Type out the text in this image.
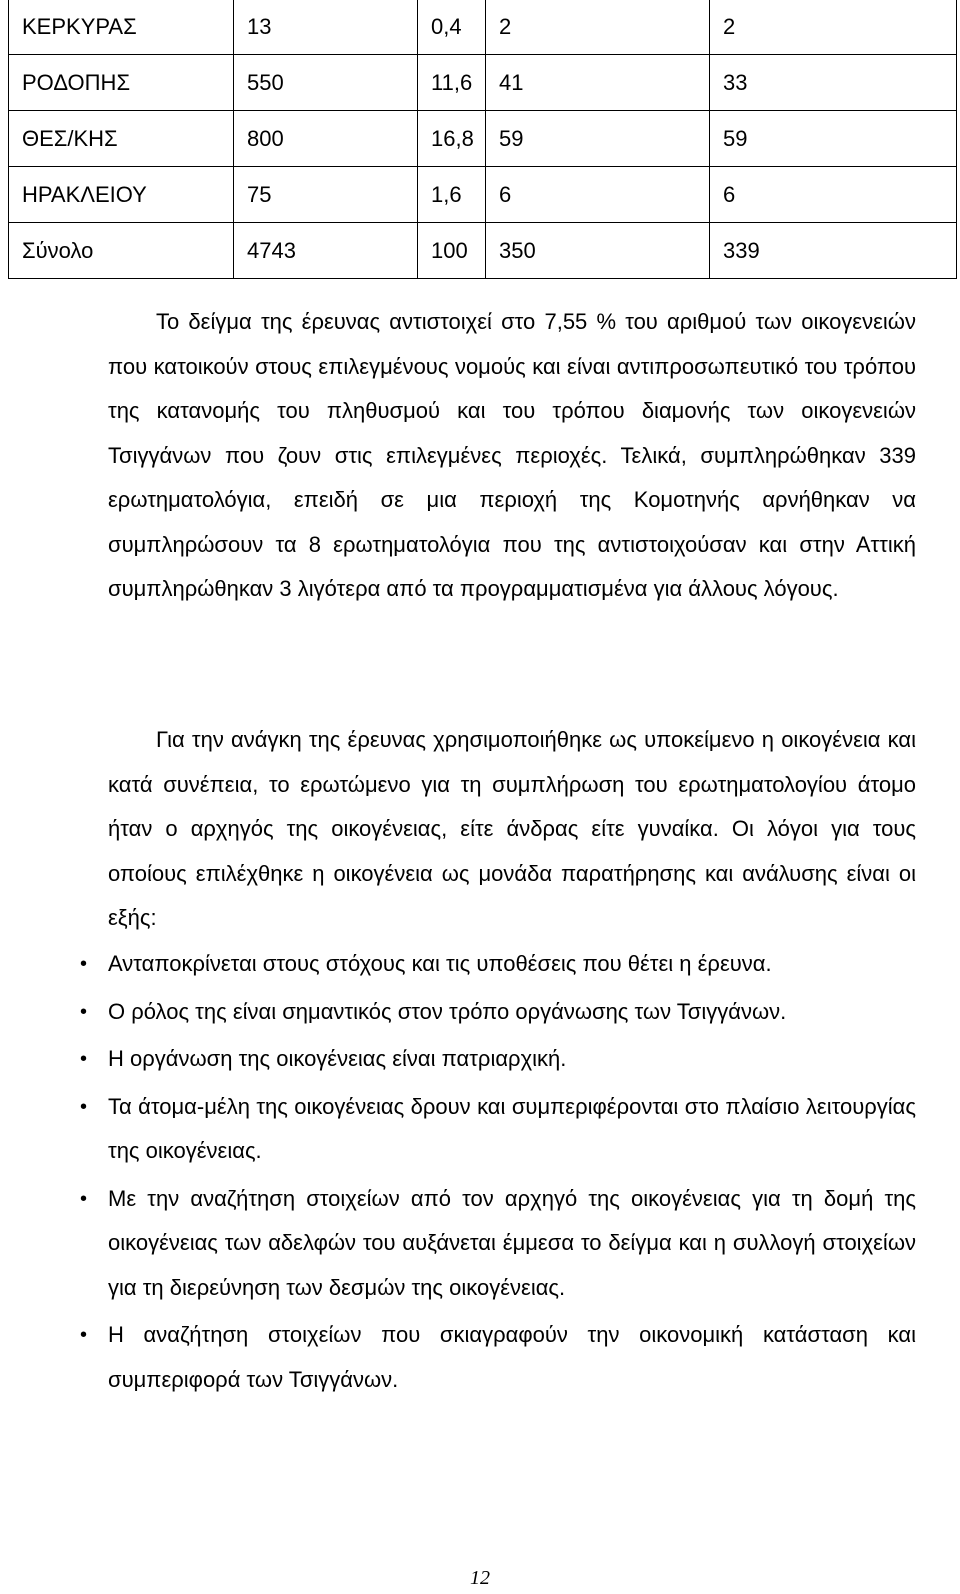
ΚΕΡΚΥΡΑΣ	13	0,4	2	2
ΡΟΔΟΠΗΣ	550	11,6	41	33
ΘΕΣ/ΚΗΣ	800	16,8	59	59
ΗΡΑΚΛΕΙΟΥ	75	1,6	6	6
Σύνολο	4743	100	350	339

Το δείγμα της έρευνας αντιστοιχεί στο 7,55 % του αριθμού των οικογενειών που κατοικούν στους επιλεγμένους νομούς και είναι αντιπροσωπευτικό του τρόπου της κατανομής του πληθυσμού και του τρόπου διαμονής των οικογενειών Τσιγγάνων που ζουν στις επιλεγμένες περιοχές. Τελικά, συμπληρώθηκαν 339 ερωτηματολόγια, επειδή σε μια περιοχή της Κομοτηνής αρνήθηκαν να συμπληρώσουν τα 8 ερωτηματολόγια που της αντιστοιχούσαν και στην Αττική συμπληρώθηκαν 3 λιγότερα από τα προγραμματισμένα για άλλους λόγους.

Για την ανάγκη της έρευνας χρησιμοποιήθηκε ως υποκείμενο η οικογένεια και κατά συνέπεια, το ερωτώμενο για τη συμπλήρωση του ερωτηματολογίου άτομο ήταν ο αρχηγός της οικογένειας, είτε άνδρας είτε γυναίκα. Οι λόγοι για τους οποίους επιλέχθηκε η οικογένεια ως μονάδα παρατήρησης και ανάλυσης είναι οι εξής:

• Ανταποκρίνεται στους στόχους και τις υποθέσεις που θέτει η έρευνα.
• Ο ρόλος της είναι σημαντικός στον τρόπο οργάνωσης των Τσιγγάνων.
• Η οργάνωση της οικογένειας είναι πατριαρχική.
• Τα άτομα-μέλη της οικογένειας δρουν και συμπεριφέρονται στο πλαίσιο λειτουργίας της οικογένειας.
• Με την αναζήτηση στοιχείων από τον αρχηγό της οικογένειας για τη δομή της οικογένειας των αδελφών του αυξάνεται έμμεσα το δείγμα και η συλλογή στοιχείων για τη διερεύνηση των δεσμών της οικογένειας.
• Η αναζήτηση στοιχείων που σκιαγραφούν την οικονομική κατάσταση και συμπεριφορά των Τσιγγάνων.
12
